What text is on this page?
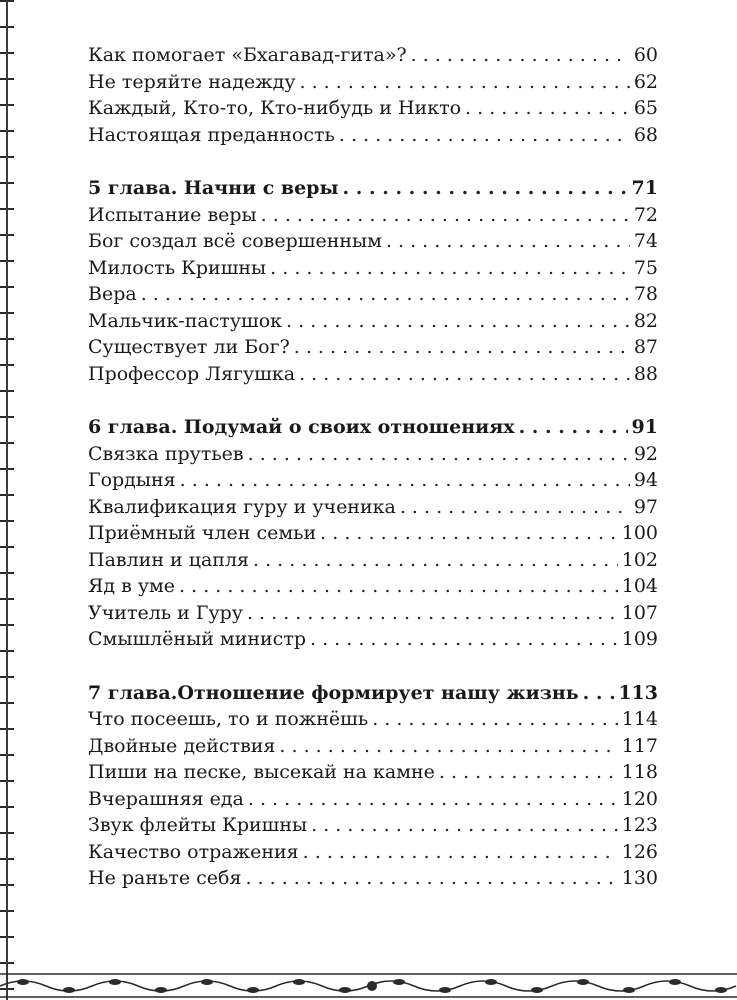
Как помогает «Бхагавад-гита»? . . .	60
Не теряйте надежду . . .	62
Каждый, Кто-то, Кто-нибудь и Никто . . .	65
Настоящая преданность . . .	68
5 глава. Начни с веры . . .	71
Испытание веры . . .	72
Бог создал всё совершенным . . .	74
Милость Кришны . . .	75
Вера . . .	78
Мальчик-пастушок . . .	82
Существует ли Бог? . . .	87
Профессор Лягушка . . .	88
6 глава. Подумай о своих отношениях . . .	91
Связка прутьев . . .	92
Гордыня . . .	94
Квалификация гуру и ученика . . .	97
Приёмный член семьи . . .	100
Павлин и цапля . . .	102
Яд в уме . . .	104
Учитель и Гуру . . .	107
Смышлёный министр . . .	109
7 глава.Отношение формирует нашу жизнь . . . 113
Что посеешь, то и пожнёшь . . .	114
Двойные действия . . .	117
Пиши на песке, высекай на камне . . .	118
Вчерашняя еда . . .	120
Звук флейты Кришны . . .	123
Качество отражения . . .	126
Не раньте себя . . .	130
